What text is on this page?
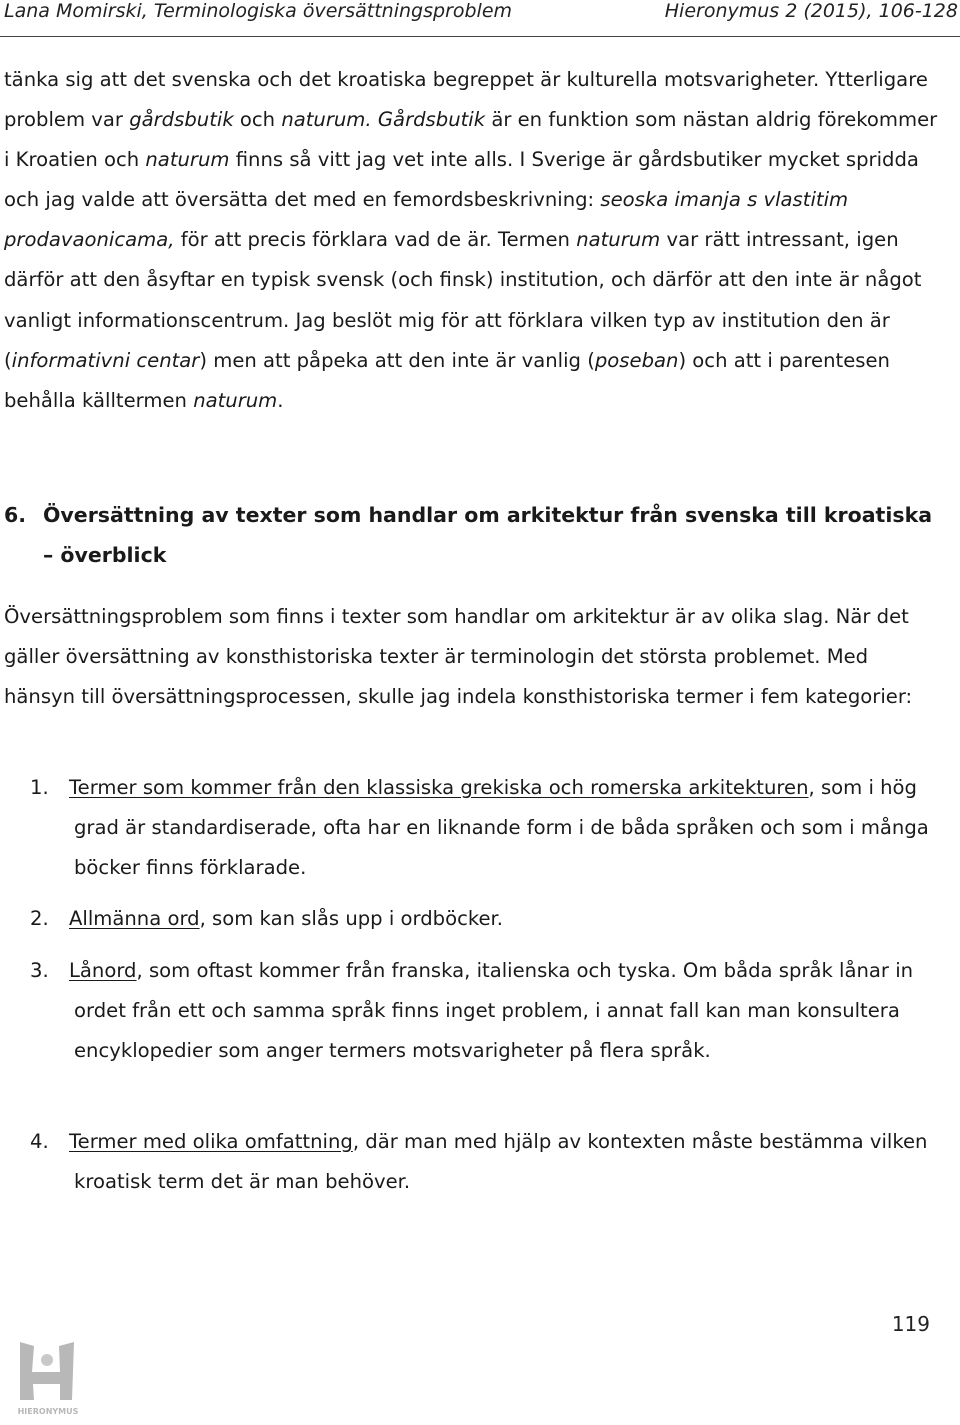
Lana Momirski, Terminologiska översättningsproblem	Hieronymus 2 (2015), 106-128

tänka sig att det svenska och det kroatiska begreppet är kulturella motsvarigheter. Ytterligare problem var gårdsbutik och naturum. Gårdsbutik är en funktion som nästan aldrig förekommer i Kroatien och naturum finns så vitt jag vet inte alls. I Sverige är gårdsbutiker mycket spridda och jag valde att översätta det med en femordsbeskrivning: seoska imanja s vlastitim prodavaonicama, för att precis förklara vad de är. Termen naturum var rätt intressant, igen därför att den åsyftar en typisk svensk (och finsk) institution, och därför att den inte är något vanligt informationscentrum. Jag beslöt mig för att förklara vilken typ av institution den är (informativni centar) men att påpeka att den inte är vanlig (poseban) och att i parentesen behålla källtermen naturum.

6. Översättning av texter som handlar om arkitektur från svenska till kroatiska – överblick

Översättningsproblem som finns i texter som handlar om arkitektur är av olika slag. När det gäller översättning av konsthistoriska texter är terminologin det största problemet. Med hänsyn till översättningsprocessen, skulle jag indela konsthistoriska termer i fem kategorier:

1. Termer som kommer från den klassiska grekiska och romerska arkitekturen, som i hög grad är standardiserade, ofta har en liknande form i de båda språken och som i många böcker finns förklarade.
2. Allmänna ord, som kan slås upp i ordböcker.
3. Lånord, som oftast kommer från franska, italienska och tyska. Om båda språk lånar in ordet från ett och samma språk finns inget problem, i annat fall kan man konsultera encyklopedier som anger termers motsvarigheter på flera språk.
4. Termer med olika omfattning, där man med hjälp av kontexten måste bestämma vilken kroatisk term det är man behöver.
119
HIERONYMUS
